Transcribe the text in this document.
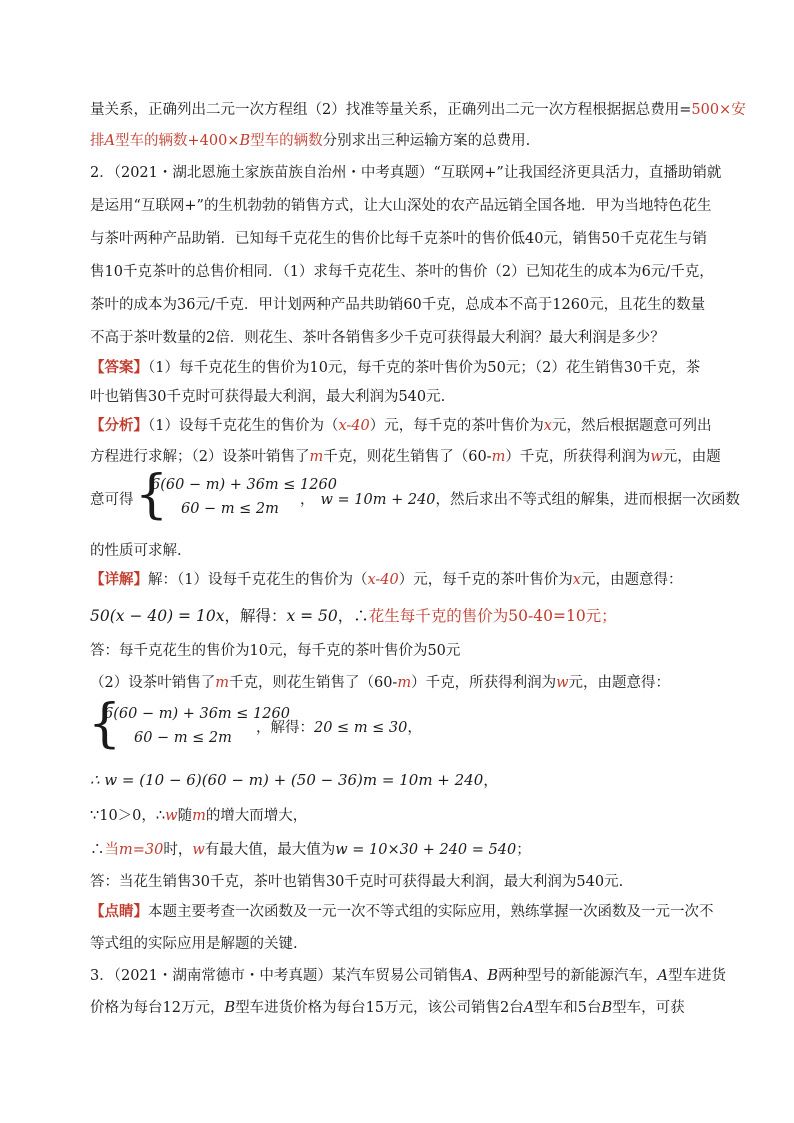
量关系，正确列出二元一次方程组（2）找准等量关系，正确列出二元一次方程根据据总费用=500×安
排A型车的辆数+400×B型车的辆数分别求出三种运输方案的总费用.
2．（2021・湖北恩施土家族苗族自治州・中考真题）“互联网+”让我国经济更具活力，直播助销就
是运用“互联网+”的生机勃勃的销售方式，让大山深处的农产品远销全国各地．甲为当地特色花生
与茶叶两种产品助销．已知每千克花生的售价比每千克茶叶的售价低40元，销售50千克花生与销
售10千克茶叶的总售价相同．（1）求每千克花生、茶叶的售价（2）已知花生的成本为6元/千克，
茶叶的成本为36元/千克．甲计划两种产品共助销60千克，总成本不高于1260元，且花生的数量
不高于茶叶数量的2倍．则花生、茶叶各销售多少千克可获得最大利润？最大利润是多少？
【答案】（1）每千克花生的售价为10元，每千克的茶叶售价为50元；（2）花生销售30千克，茶
叶也销售30千克时可获得最大利润，最大利润为540元.
【分析】（1）设每千克花生的售价为（x-40）元，每千克的茶叶售价为x元，然后根据题意可列出
方程进行求解；（2）设茶叶销售了m千克，则花生销售了（60-m）千克，所获得利润为w元，由题
意可得 {
6(60 − m) + 36m ≤ 1260
60 − m ≤ 2m
， w = 10m + 240，然后求出不等式组的解集，进而根据一次函数
的性质可求解.
【详解】解：（1）设每千克花生的售价为（x-40）元，每千克的茶叶售价为x元，由题意得：
50(x − 40) = 10x，解得：x = 50，∴花生每千克的售价为50-40=10元；
答：每千克花生的售价为10元，每千克的茶叶售价为50元
（2）设茶叶销售了m千克，则花生销售了（60-m）千克，所获得利润为w元，由题意得：
{
6(60 − m) + 36m ≤ 1260
60 − m ≤ 2m
，解得：20 ≤ m ≤ 30，
∴ w = (10 − 6)(60 − m) + (50 − 36)m = 10m + 240，
∵10＞0，∴w随m的增大而增大，
∴当m=30时，w有最大值，最大值为w = 10×30 + 240 = 540；
答：当花生销售30千克，茶叶也销售30千克时可获得最大利润，最大利润为540元.
【点睛】本题主要考查一次函数及一元一次不等式组的实际应用，熟练掌握一次函数及一元一次不
等式组的实际应用是解题的关键.
3．（2021・湖南常德市・中考真题）某汽车贸易公司销售A、B两种型号的新能源汽车，A型车进货
价格为每台12万元，B型车进货价格为每台15万元，该公司销售2台A型车和5台B型车，可获
